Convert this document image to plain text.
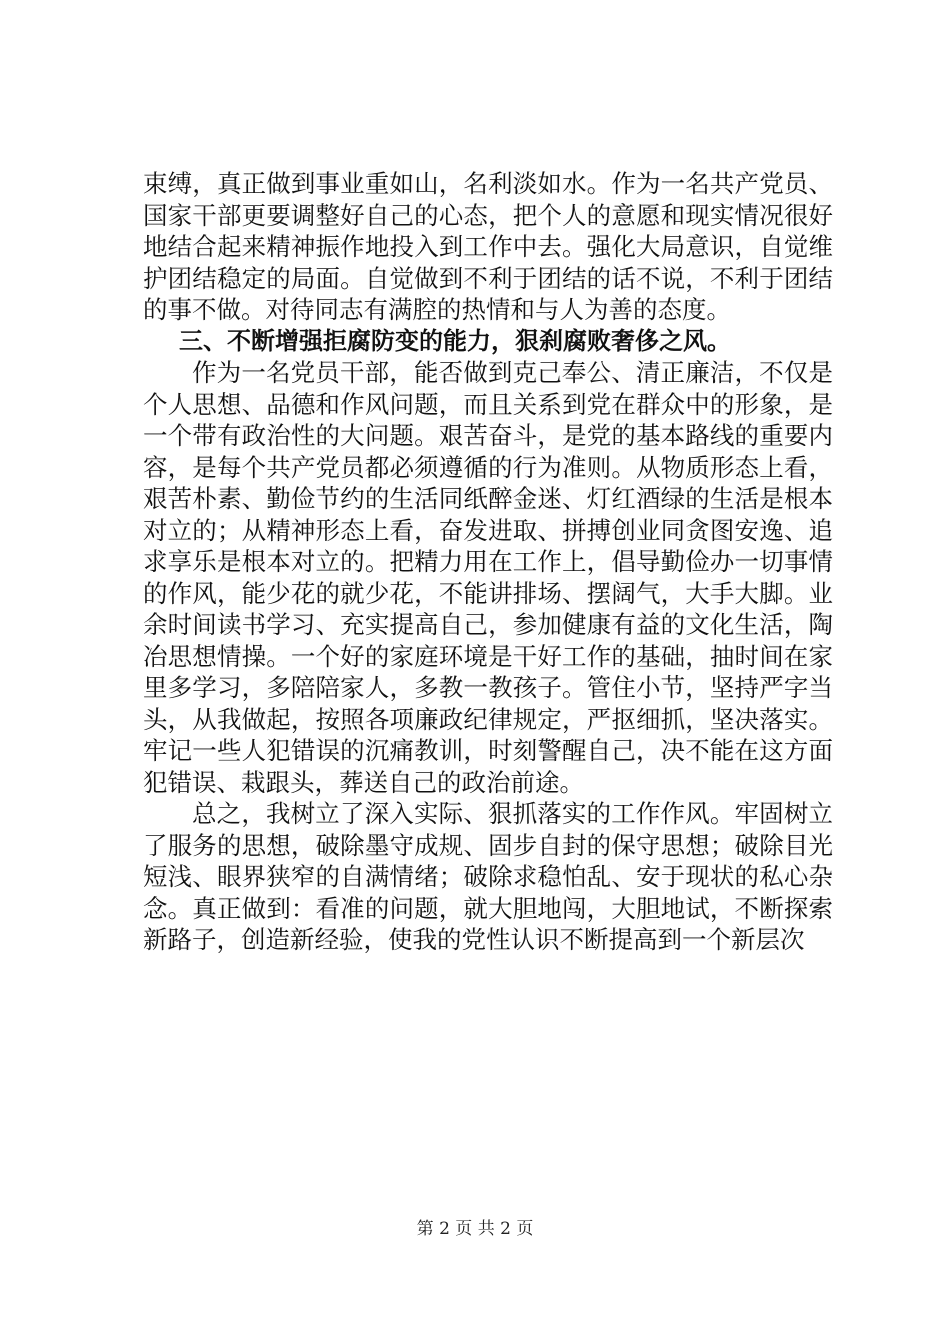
束缚，真正做到事业重如山，名利淡如水。作为一名共产党员、国家干部更要调整好自己的心态，把个人的意愿和现实情况很好地结合起来精神振作地投入到工作中去。强化大局意识，自觉维护团结稳定的局面。自觉做到不利于团结的话不说，不利于团结的事不做。对待同志有满腔的热情和与人为善的态度。

三、不断增强拒腐防变的能力，狠刹腐败奢侈之风。

作为一名党员干部，能否做到克己奉公、清正廉洁，不仅是个人思想、品德和作风问题，而且关系到党在群众中的形象，是一个带有政治性的大问题。艰苦奋斗，是党的基本路线的重要内容，是每个共产党员都必须遵循的行为准则。从物质形态上看，艰苦朴素、勤俭节约的生活同纸醉金迷、灯红酒绿的生活是根本对立的；从精神形态上看，奋发进取、拼搏创业同贪图安逸、追求享乐是根本对立的。把精力用在工作上，倡导勤俭办一切事情的作风，能少花的就少花，不能讲排场、摆阔气，大手大脚。业余时间读书学习、充实提高自己，参加健康有益的文化生活，陶冶思想情操。一个好的家庭环境是干好工作的基础，抽时间在家里多学习，多陪陪家人，多教一教孩子。管住小节，坚持严字当头，从我做起，按照各项廉政纪律规定，严抠细抓，坚决落实。牢记一些人犯错误的沉痛教训，时刻警醒自己，决不能在这方面犯错误、栽跟头，葬送自己的政治前途。

总之，我树立了深入实际、狠抓落实的工作作风。牢固树立了服务的思想，破除墨守成规、固步自封的保守思想；破除目光短浅、眼界狭窄的自满情绪；破除求稳怕乱、安于现状的私心杂念。真正做到：看准的问题，就大胆地闯，大胆地试，不断探索新路子，创造新经验，使我的党性认识不断提高到一个新层次

第 2 页 共 2 页
